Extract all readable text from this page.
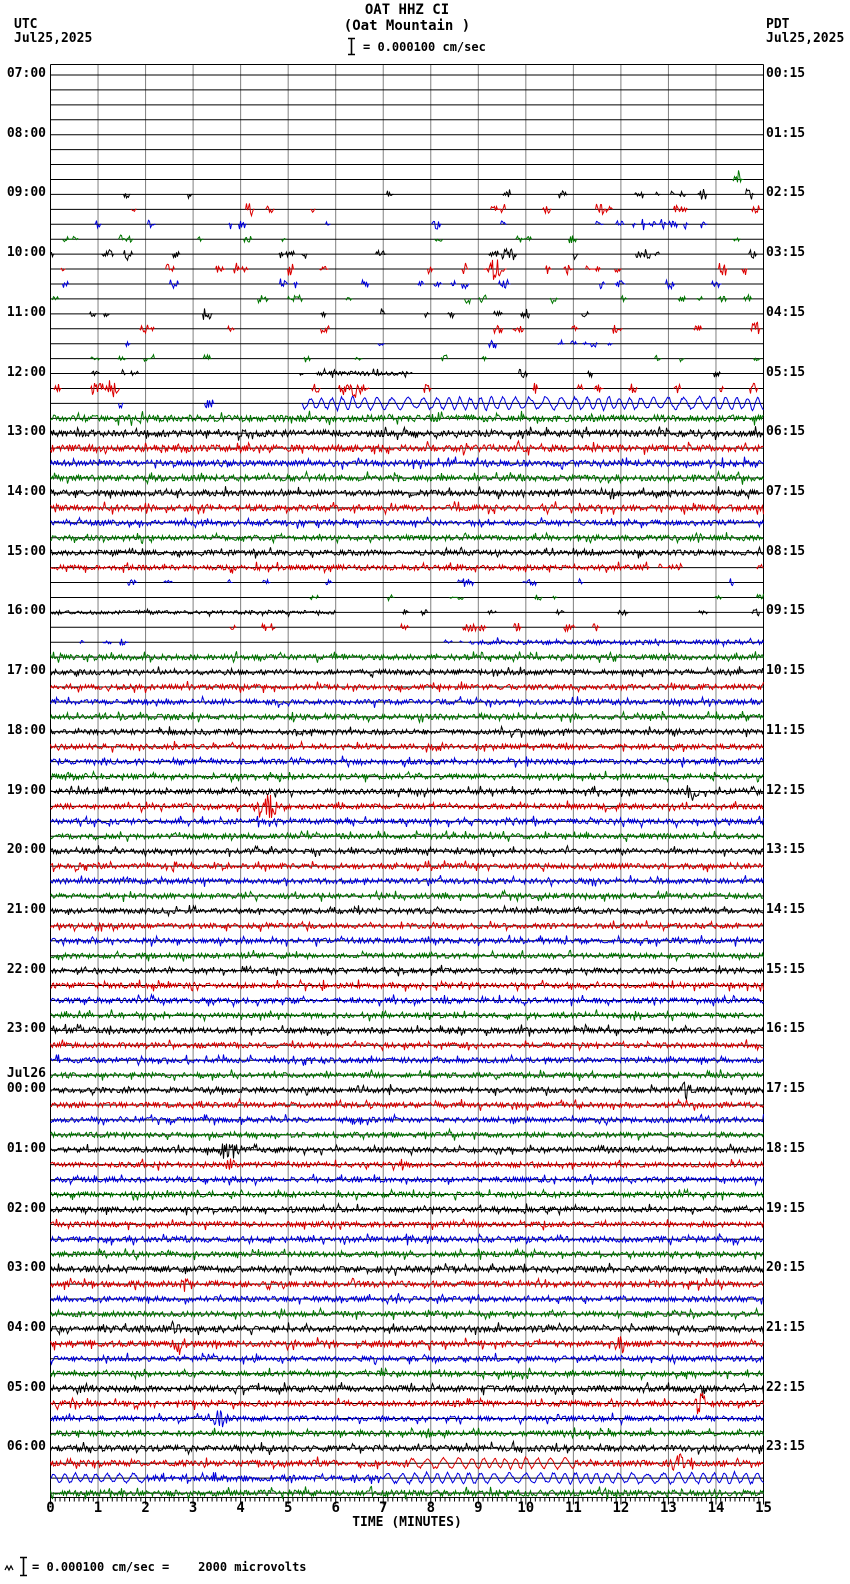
UTC
Jul25,2025
PDT
Jul25,2025
OAT HHZ CI
(Oat Mountain )
= 0.000100 cm/sec
07:00
08:00
09:00
10:00
11:00
12:00
13:00
14:00
15:00
16:00
17:00
18:00
19:00
20:00
21:00
22:00
23:00
Jul26
00:00
01:00
02:00
03:00
04:00
05:00
06:00
00:15
01:15
02:15
03:15
04:15
05:15
06:15
07:15
08:15
09:15
10:15
11:15
12:15
13:15
14:15
15:15
16:15
17:15
18:15
19:15
20:15
21:15
22:15
23:15
0	1	2	3	4	5	6	7	8	9	10	11	12	13	14	15
TIME (MINUTES)
= 0.000100 cm/sec =    2000 microvolts
